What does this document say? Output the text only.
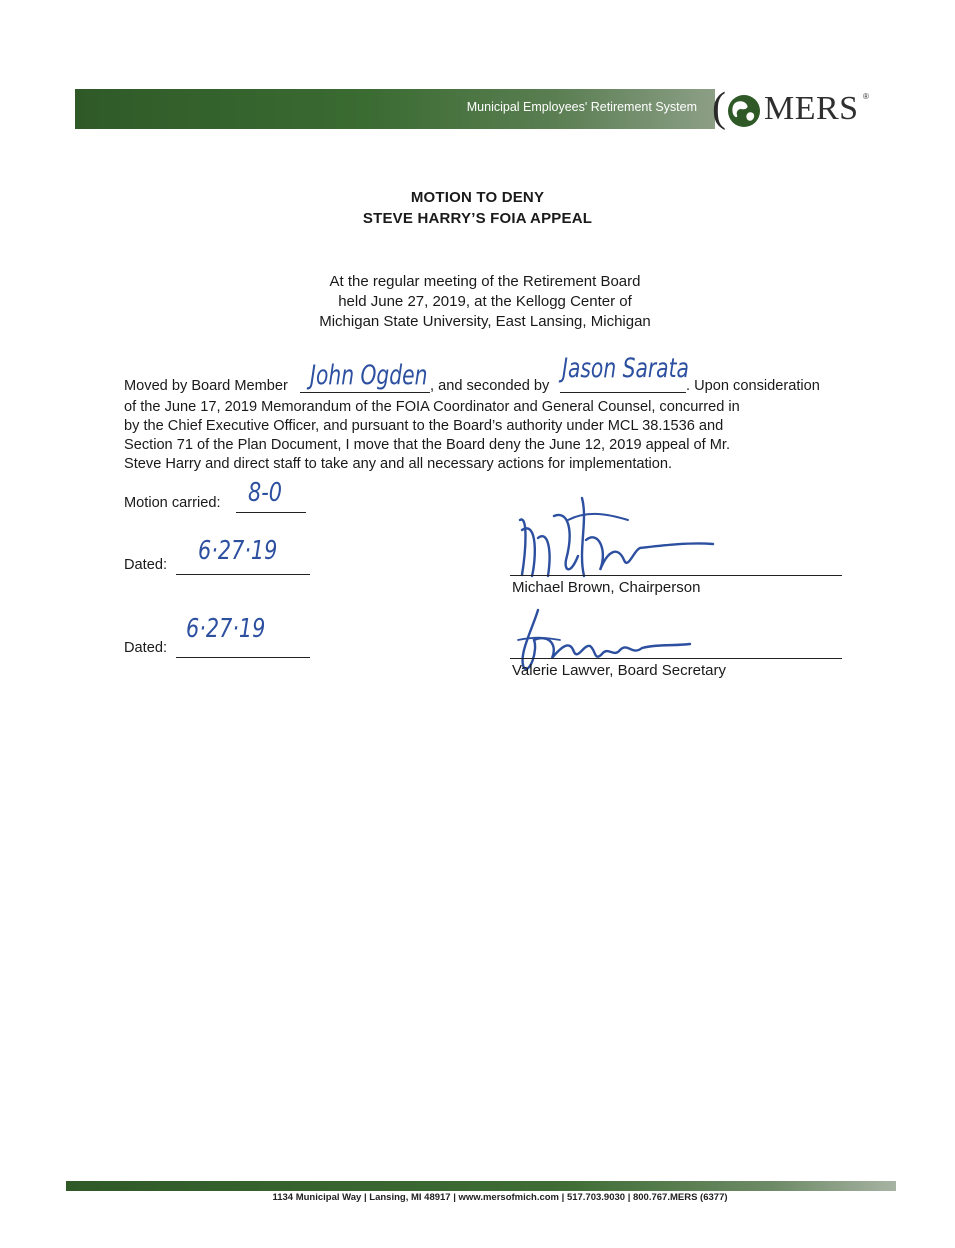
Municipal Employees' Retirement System ( MERS ®
MOTION TO DENY
STEVE HARRY’S FOIA APPEAL
At the regular meeting of the Retirement Board
held June 27, 2019, at the Kellogg Center of
Michigan State University, East Lansing, Michigan
Moved by Board Member John Ogden , and seconded by
Jason Sarata
. Upon consideration
of the June 17, 2019 Memorandum of the FOIA Coordinator and General Counsel, concurred in
by the Chief Executive Officer, and pursuant to the Board’s authority under MCL 38.1536 and
Section 71 of the Plan Document, I move that the Board deny the June 12, 2019 appeal of Mr.
Steve Harry and direct staff to take any and all necessary actions for implementation.
Motion carried: 8-0
Dated: 6·27·19
Dated:
6·27·19
Michael Brown, Chairperson
Valerie Lawver, Board Secretary
1134 Municipal Way | Lansing, MI 48917 | www.mersofmich.com | 517.703.9030 | 800.767.MERS (6377)
